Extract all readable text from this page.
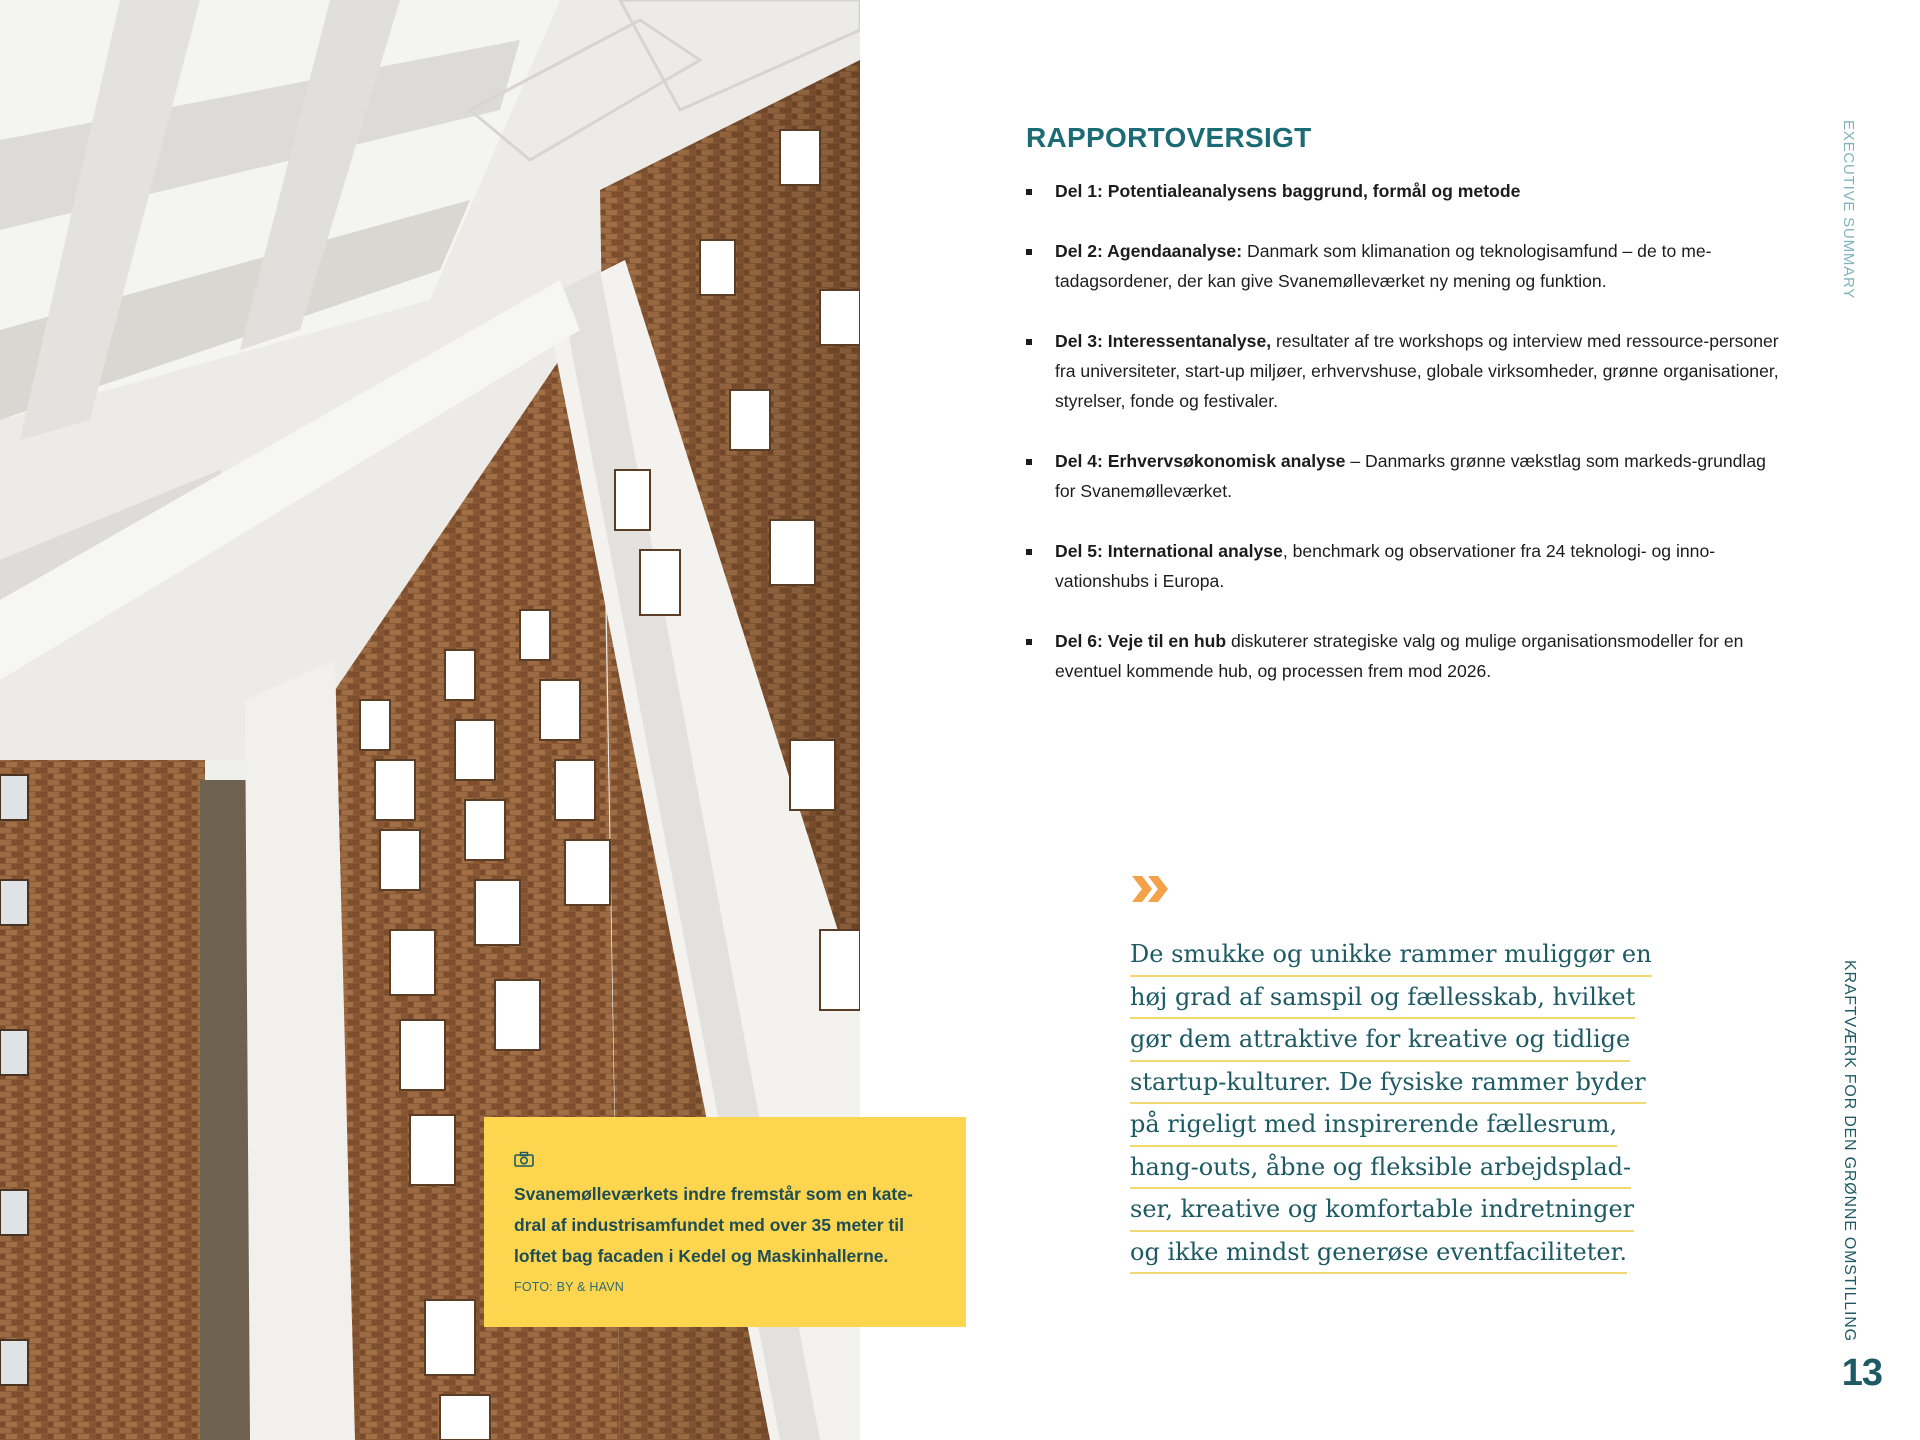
Svanemølleværkets indre fremstår som en kate-
dral af industrisamfundet med over 35 meter til
loftet bag facaden i Kedel og Maskinhallerne.

FOTO: BY & HAVN
RAPPORTOVERSIGT
Del 1: Potentialeanalysens baggrund, formål og metode
Del 2: Agendaanalyse: Danmark som klimanation og teknologisamfund – de to me-tadagsordener, der kan give Svanemølleværket ny mening og funktion.
Del 3: Interessentanalyse, resultater af tre workshops og interview med ressource-personer fra universiteter, start-up miljøer, erhvervshuse, globale virksomheder, grønne organisationer, styrelser, fonde og festivaler.
Del 4: Erhvervsøkonomisk analyse – Danmarks grønne vækstlag som markeds-grundlag for Svanemølleværket.
Del 5: International analyse, benchmark og observationer fra 24 teknologi- og inno-vationshubs i Europa.
Del 6: Veje til en hub diskuterer strategiske valg og mulige organisationsmodeller for en eventuel kommende hub, og processen frem mod 2026.
De smukke og unikke rammer muliggør en
høj grad af samspil og fællesskab, hvilket
gør dem attraktive for kreative og tidlige
startup-kulturer. De fysiske rammer byder
på rigeligt med inspirerende fællesrum,
hang-outs, åbne og fleksible arbejdsplad-
ser, kreative og komfortable indretninger
og ikke mindst generøse eventfaciliteter.
EXECUTIVE SUMMARY
KRAFTVÆRK FOR DEN GRØNNE OMSTILLING
13
